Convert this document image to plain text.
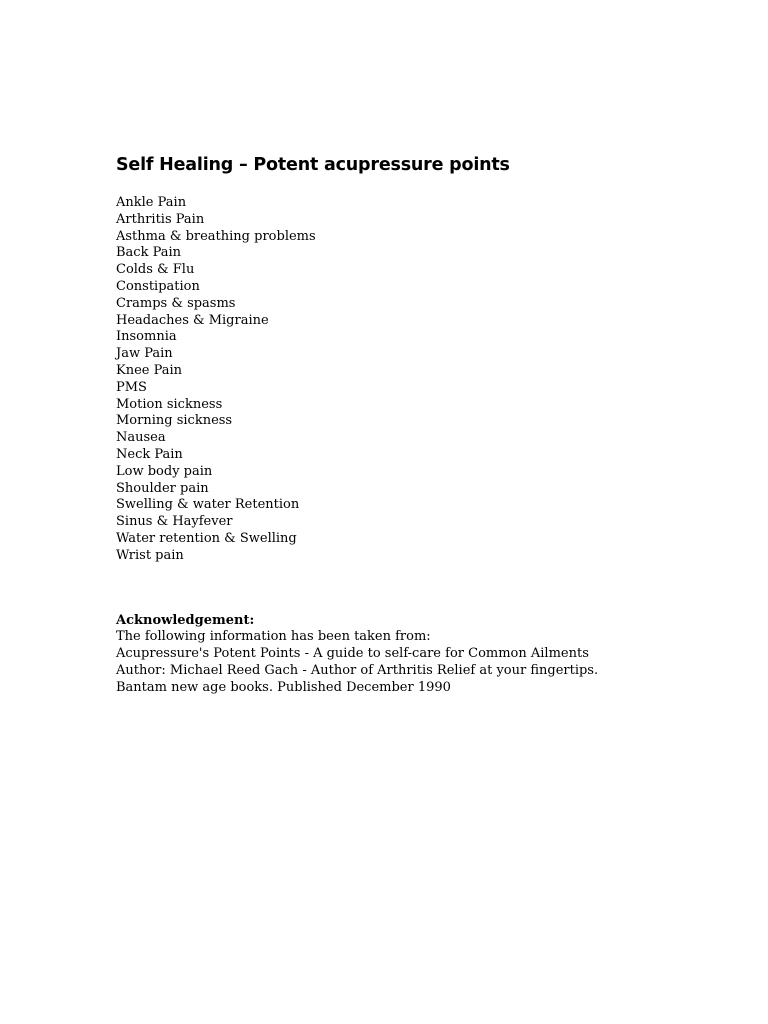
Self Healing – Potent acupressure points
Ankle Pain
Arthritis Pain
Asthma & breathing problems
Back Pain
Colds & Flu
Constipation
Cramps & spasms
Headaches & Migraine
Insomnia
Jaw Pain
Knee Pain
PMS
Motion sickness
Morning sickness
Nausea
Neck Pain
Low body pain
Shoulder pain
Swelling & water Retention
Sinus & Hayfever
Water retention & Swelling
Wrist pain

Acknowledgement:

The following information has been taken from:

Acupressure's Potent Points - A guide to self-care for Common Ailments

Author: Michael Reed Gach - Author of Arthritis Relief at your fingertips.

Bantam new age books. Published December 1990
